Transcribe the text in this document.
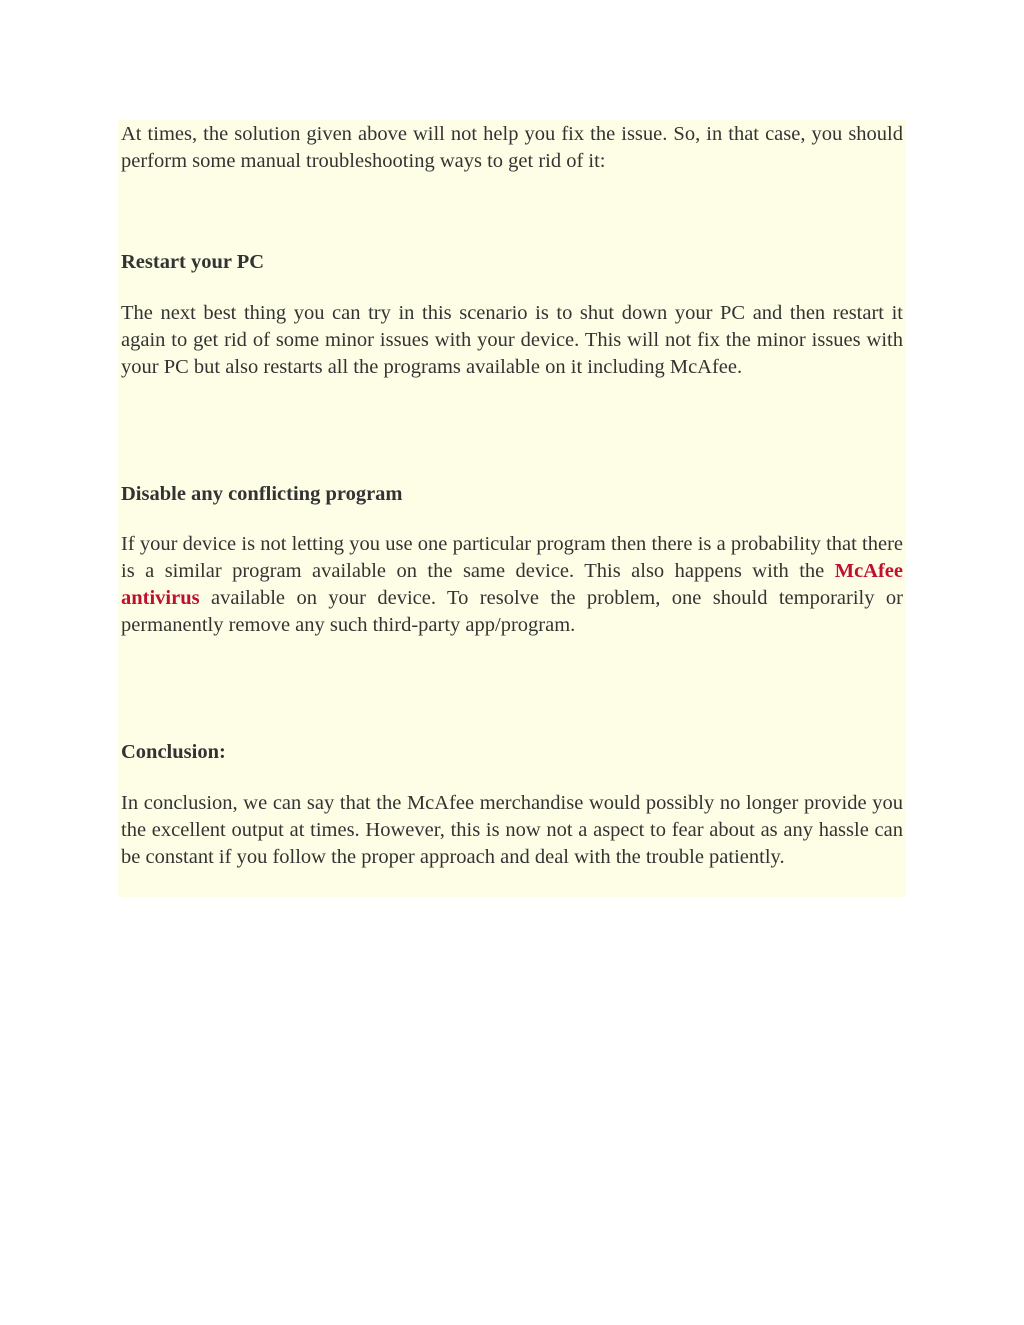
At times, the solution given above will not help you fix the issue. So, in that case, you should perform some manual troubleshooting ways to get rid of it:

Restart your PC

The next best thing you can try in this scenario is to shut down your PC and then restart it again to get rid of some minor issues with your device. This will not fix the minor issues with your PC but also restarts all the programs available on it including McAfee.

Disable any conflicting program

If your device is not letting you use one particular program then there is a probability that there is a similar program available on the same device. This also happens with the McAfee antivirus available on your device. To resolve the problem, one should temporarily or permanently remove any such third-party app/program.

Conclusion:

In conclusion, we can say that the McAfee merchandise would possibly no longer provide you the excellent output at times. However, this is now not a aspect to fear about as any hassle can be constant if you follow the proper approach and deal with the trouble patiently.
